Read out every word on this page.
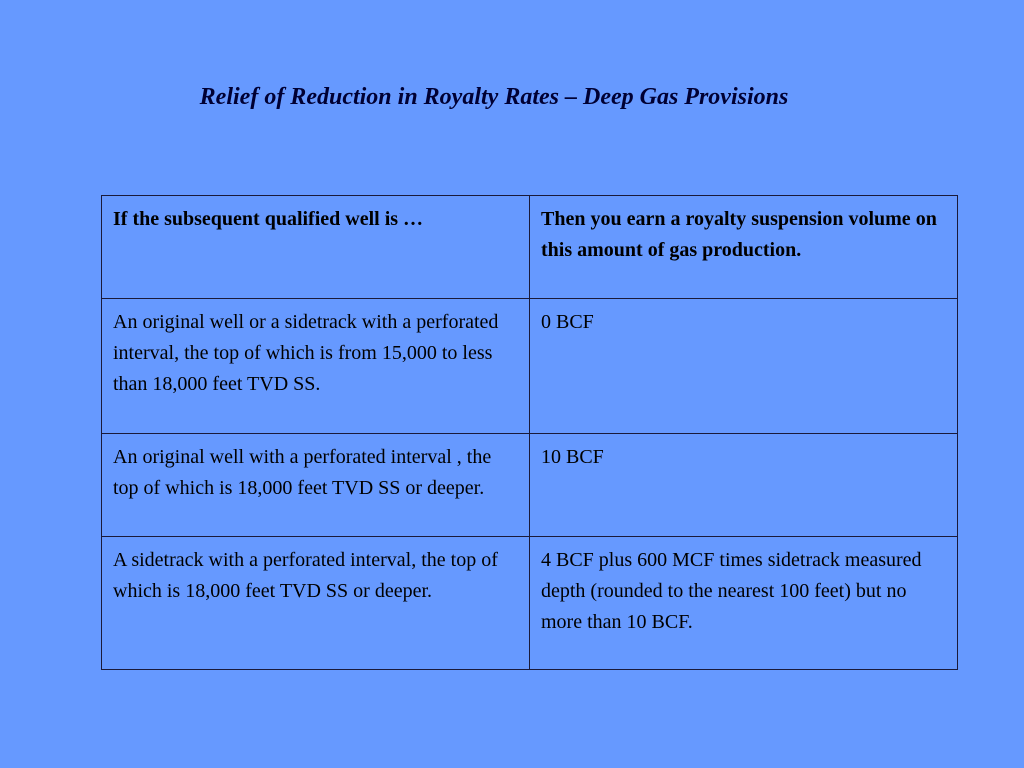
Relief of Reduction in Royalty Rates – Deep Gas Provisions
If the subsequent qualified well is …	Then you earn a royalty suspension volume on this amount of gas production.
An original well or a sidetrack with a perforated interval, the top of which is from 15,000 to less than 18,000 feet TVD SS.	0 BCF
An original well with a perforated interval , the top of which is 18,000 feet TVD SS or deeper.	10 BCF
A sidetrack with a perforated interval, the top of which is 18,000 feet TVD SS or deeper.	4 BCF plus 600 MCF times sidetrack measured depth (rounded to the nearest 100 feet) but no more than 10 BCF.
